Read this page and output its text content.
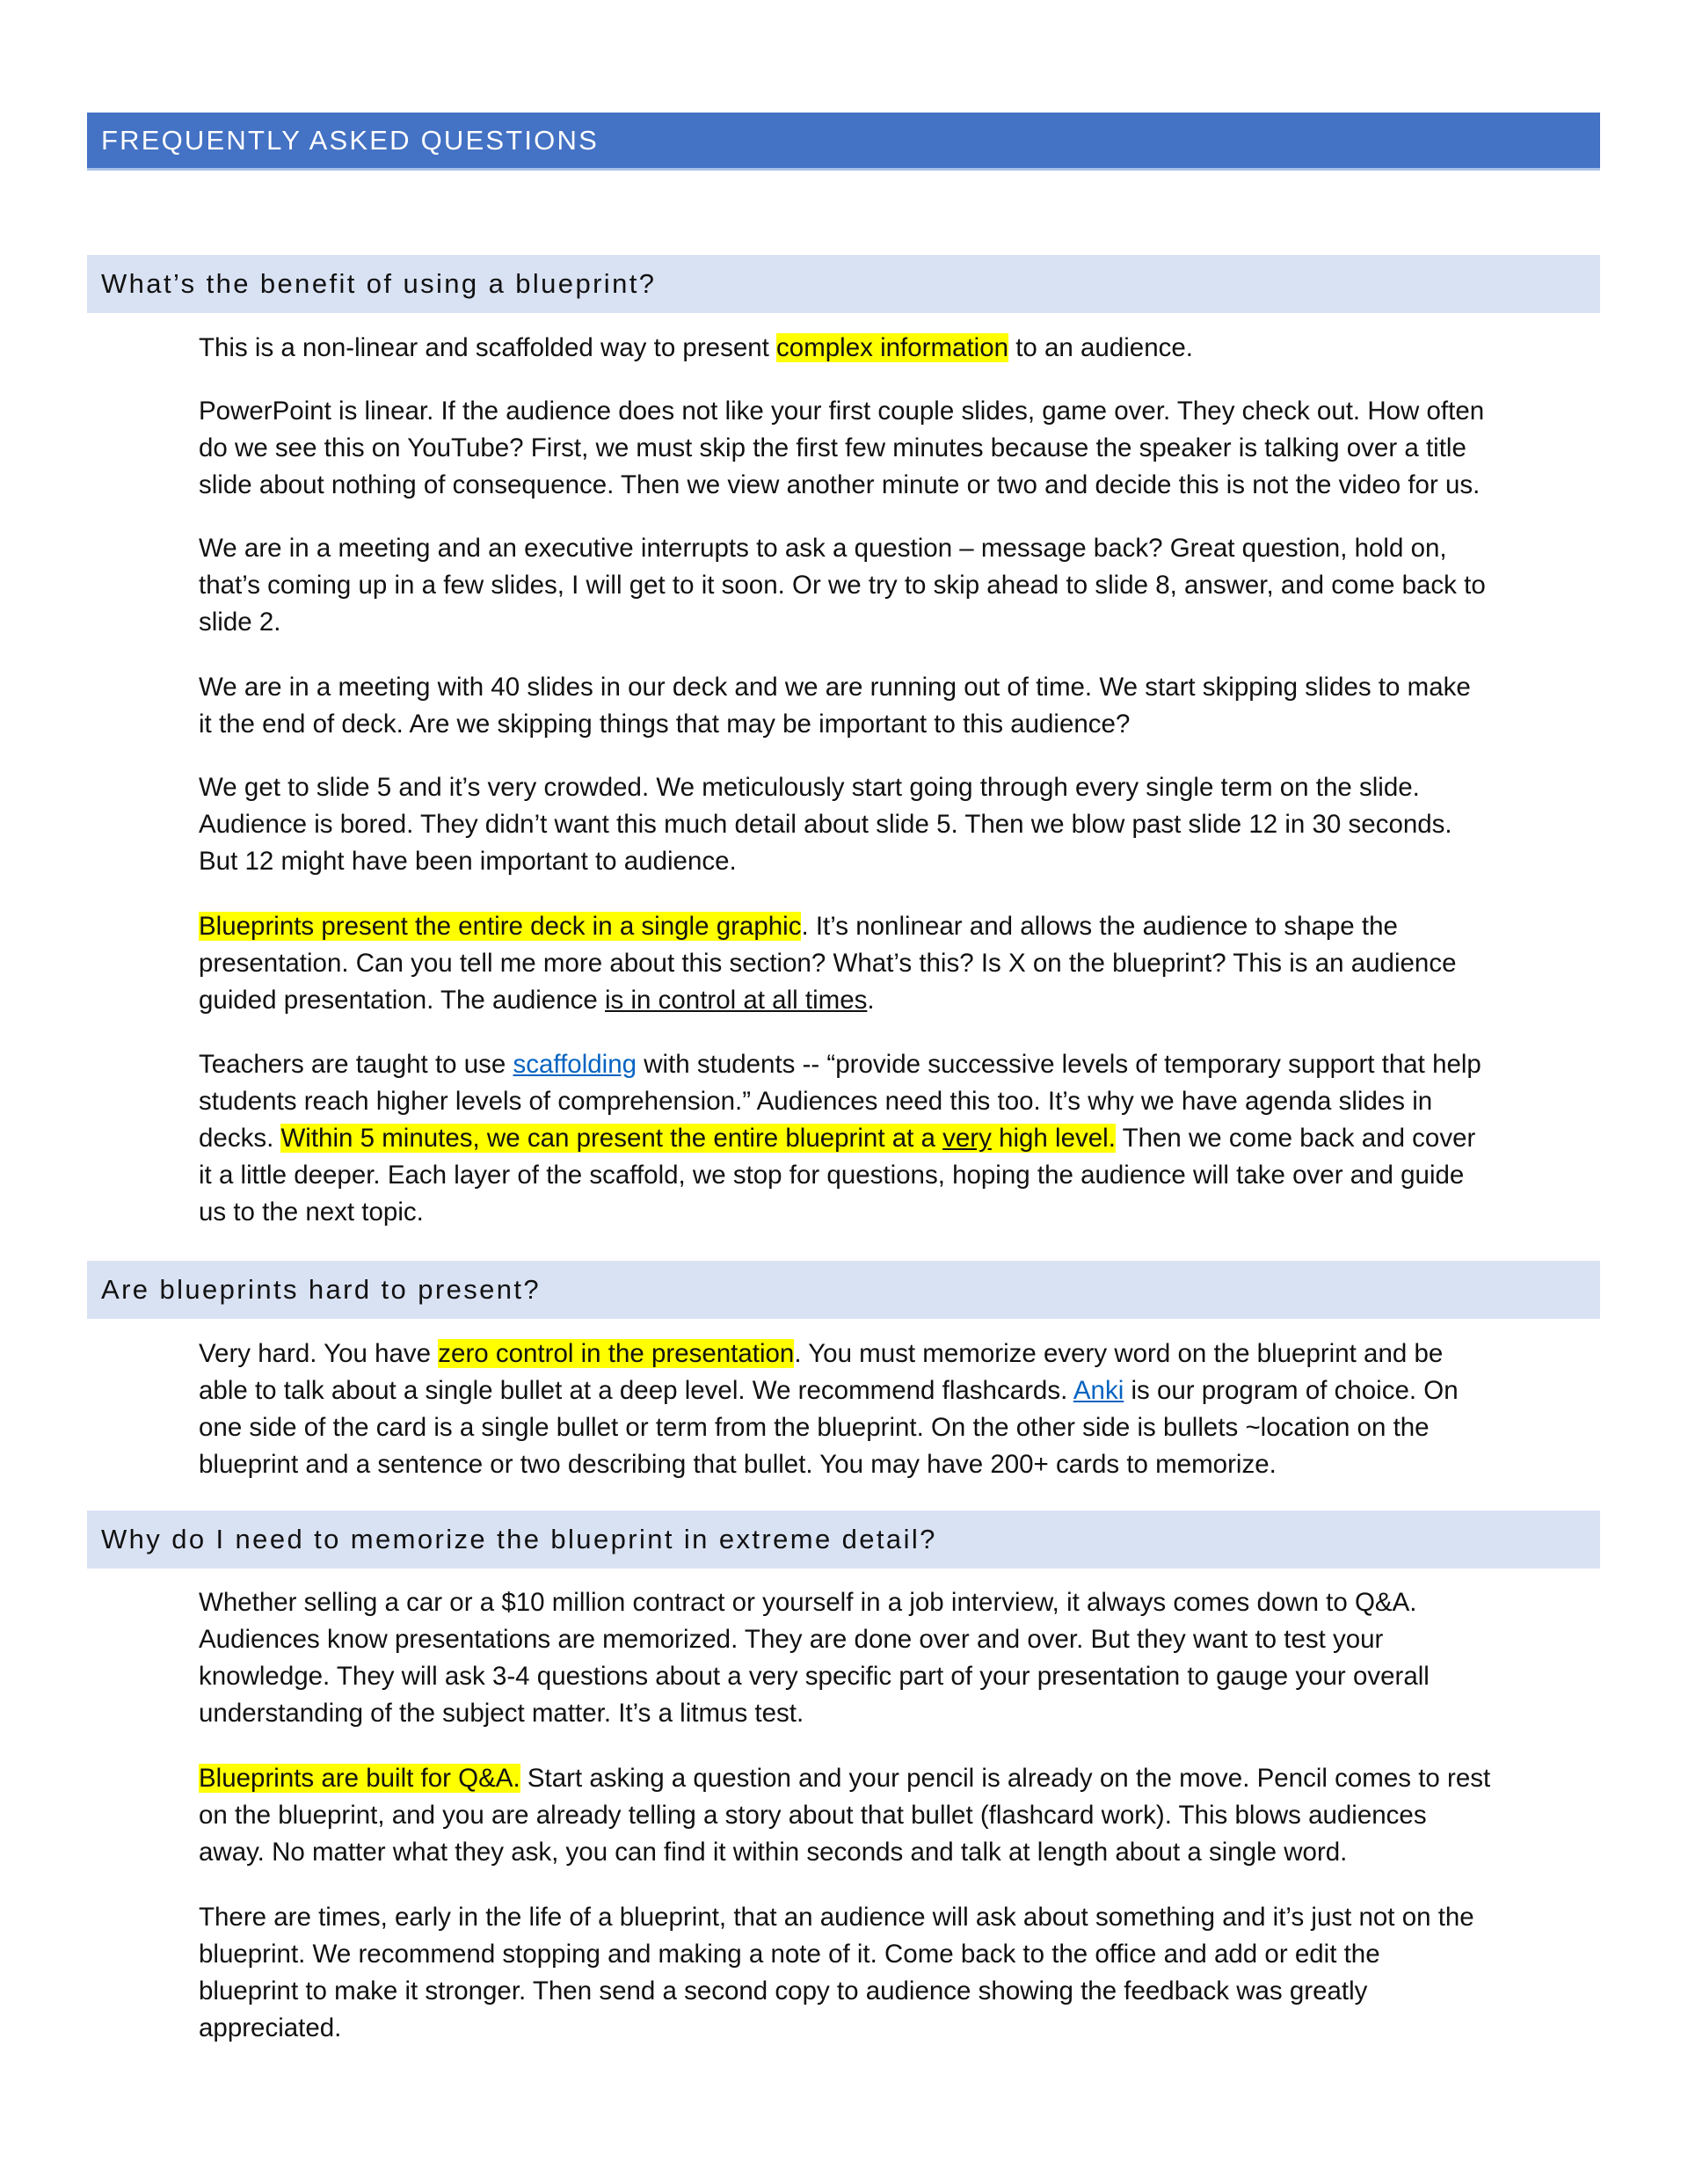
FREQUENTLY ASKED QUESTIONS
What’s the benefit of using a blueprint?

This is a non-linear and scaffolded way to present complex information to an audience.

PowerPoint is linear. If the audience does not like your first couple slides, game over. They check out. How often
do we see this on YouTube? First, we must skip the first few minutes because the speaker is talking over a title
slide about nothing of consequence. Then we view another minute or two and decide this is not the video for us.

We are in a meeting and an executive interrupts to ask a question – message back? Great question, hold on,
that’s coming up in a few slides, I will get to it soon. Or we try to skip ahead to slide 8, answer, and come back to
slide 2.

We are in a meeting with 40 slides in our deck and we are running out of time. We start skipping slides to make
it the end of deck. Are we skipping things that may be important to this audience?

We get to slide 5 and it’s very crowded. We meticulously start going through every single term on the slide.
Audience is bored. They didn’t want this much detail about slide 5. Then we blow past slide 12 in 30 seconds.
But 12 might have been important to audience.

Blueprints present the entire deck in a single graphic. It’s nonlinear and allows the audience to shape the
presentation. Can you tell me more about this section? What’s this? Is X on the blueprint? This is an audience
guided presentation. The audience is in control at all times.

Teachers are taught to use scaffolding with students -- “provide successive levels of temporary support that help
students reach higher levels of comprehension.” Audiences need this too. It’s why we have agenda slides in
decks. Within 5 minutes, we can present the entire blueprint at a very high level. Then we come back and cover
it a little deeper. Each layer of the scaffold, we stop for questions, hoping the audience will take over and guide
us to the next topic.

Are blueprints hard to present?

Very hard. You have zero control in the presentation. You must memorize every word on the blueprint and be
able to talk about a single bullet at a deep level. We recommend flashcards. Anki is our program of choice. On
one side of the card is a single bullet or term from the blueprint. On the other side is bullets ~location on the
blueprint and a sentence or two describing that bullet. You may have 200+ cards to memorize.

Why do I need to memorize the blueprint in extreme detail?

Whether selling a car or a $10 million contract or yourself in a job interview, it always comes down to Q&A.
Audiences know presentations are memorized. They are done over and over. But they want to test your
knowledge. They will ask 3-4 questions about a very specific part of your presentation to gauge your overall
understanding of the subject matter. It’s a litmus test.

Blueprints are built for Q&A. Start asking a question and your pencil is already on the move. Pencil comes to rest
on the blueprint, and you are already telling a story about that bullet (flashcard work). This blows audiences
away. No matter what they ask, you can find it within seconds and talk at length about a single word.

There are times, early in the life of a blueprint, that an audience will ask about something and it’s just not on the
blueprint. We recommend stopping and making a note of it. Come back to the office and add or edit the
blueprint to make it stronger. Then send a second copy to audience showing the feedback was greatly
appreciated.
